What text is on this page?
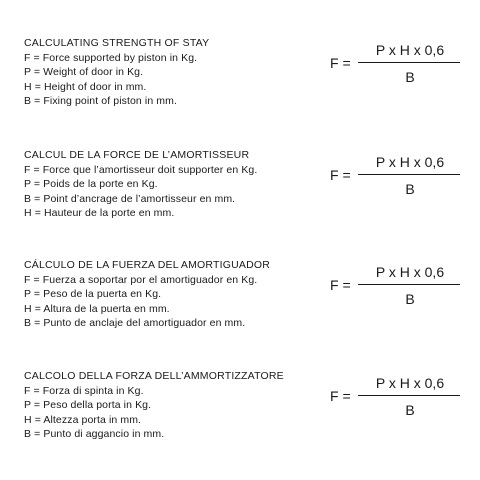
CALCULATING STRENGTH OF STAY
F = Force supported by piston in Kg.
P = Weight of door in Kg.
H = Height of door in mm.
B = Fixing point of piston in mm.
F =
P x H x 0,6
B
CALCUL DE LA FORCE DE L’AMORTISSEUR
F = Force que l’amortisseur doit supporter en Kg.
P = Poids de la porte en Kg.
B = Point d’ancrage de l’amortisseur en mm.
H = Hauteur de la porte en mm.
F =
P x H x 0,6
B
CÁLCULO DE LA FUERZA DEL AMORTIGUADOR
F = Fuerza a soportar por el amortiguador en Kg.
P = Peso de la puerta en Kg.
H = Altura de la puerta en mm.
B = Punto de anclaje del amortiguador en mm.
F =
P x H x 0,6
B
CALCOLO DELLA FORZA DELL’AMMORTIZZATORE
F = Forza di spinta in Kg.
P = Peso della porta in Kg.
H = Altezza porta in mm.
B = Punto di aggancio in mm.
F =
P x H x 0,6
B
